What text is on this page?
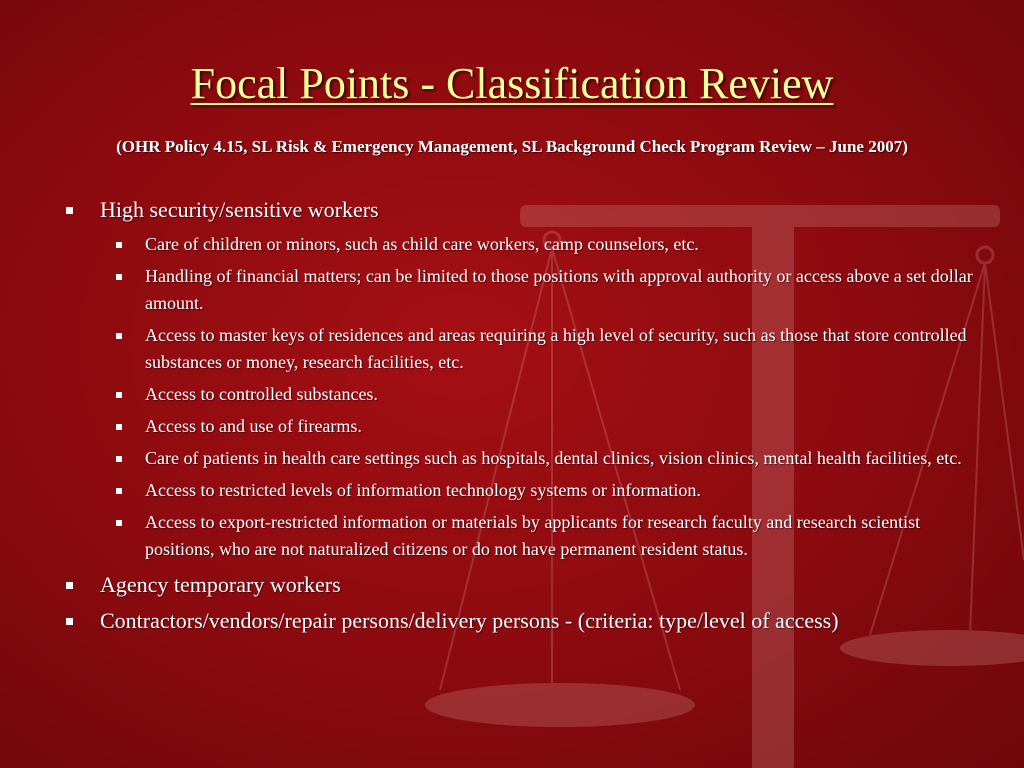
Focal Points - Classification Review
(OHR Policy 4.15, SL Risk & Emergency Management, SL Background Check Program Review – June 2007)
High security/sensitive workers
Care of children or minors, such as child care workers, camp counselors, etc.
Handling of financial matters; can be limited to those positions with approval authority or access above a set dollar amount.
Access to master keys of residences and areas requiring a high level of security, such as those that store controlled substances or money, research facilities, etc.
Access to controlled substances.
Access to and use of firearms.
Care of patients in health care settings such as hospitals, dental clinics, vision clinics, mental health facilities, etc.
Access to restricted levels of information technology systems or information.
Access to export-restricted information or materials by applicants for research faculty and research scientist positions, who are not naturalized citizens or do not have permanent resident status.
Agency temporary workers
Contractors/vendors/repair persons/delivery persons - (criteria: type/level of access)
